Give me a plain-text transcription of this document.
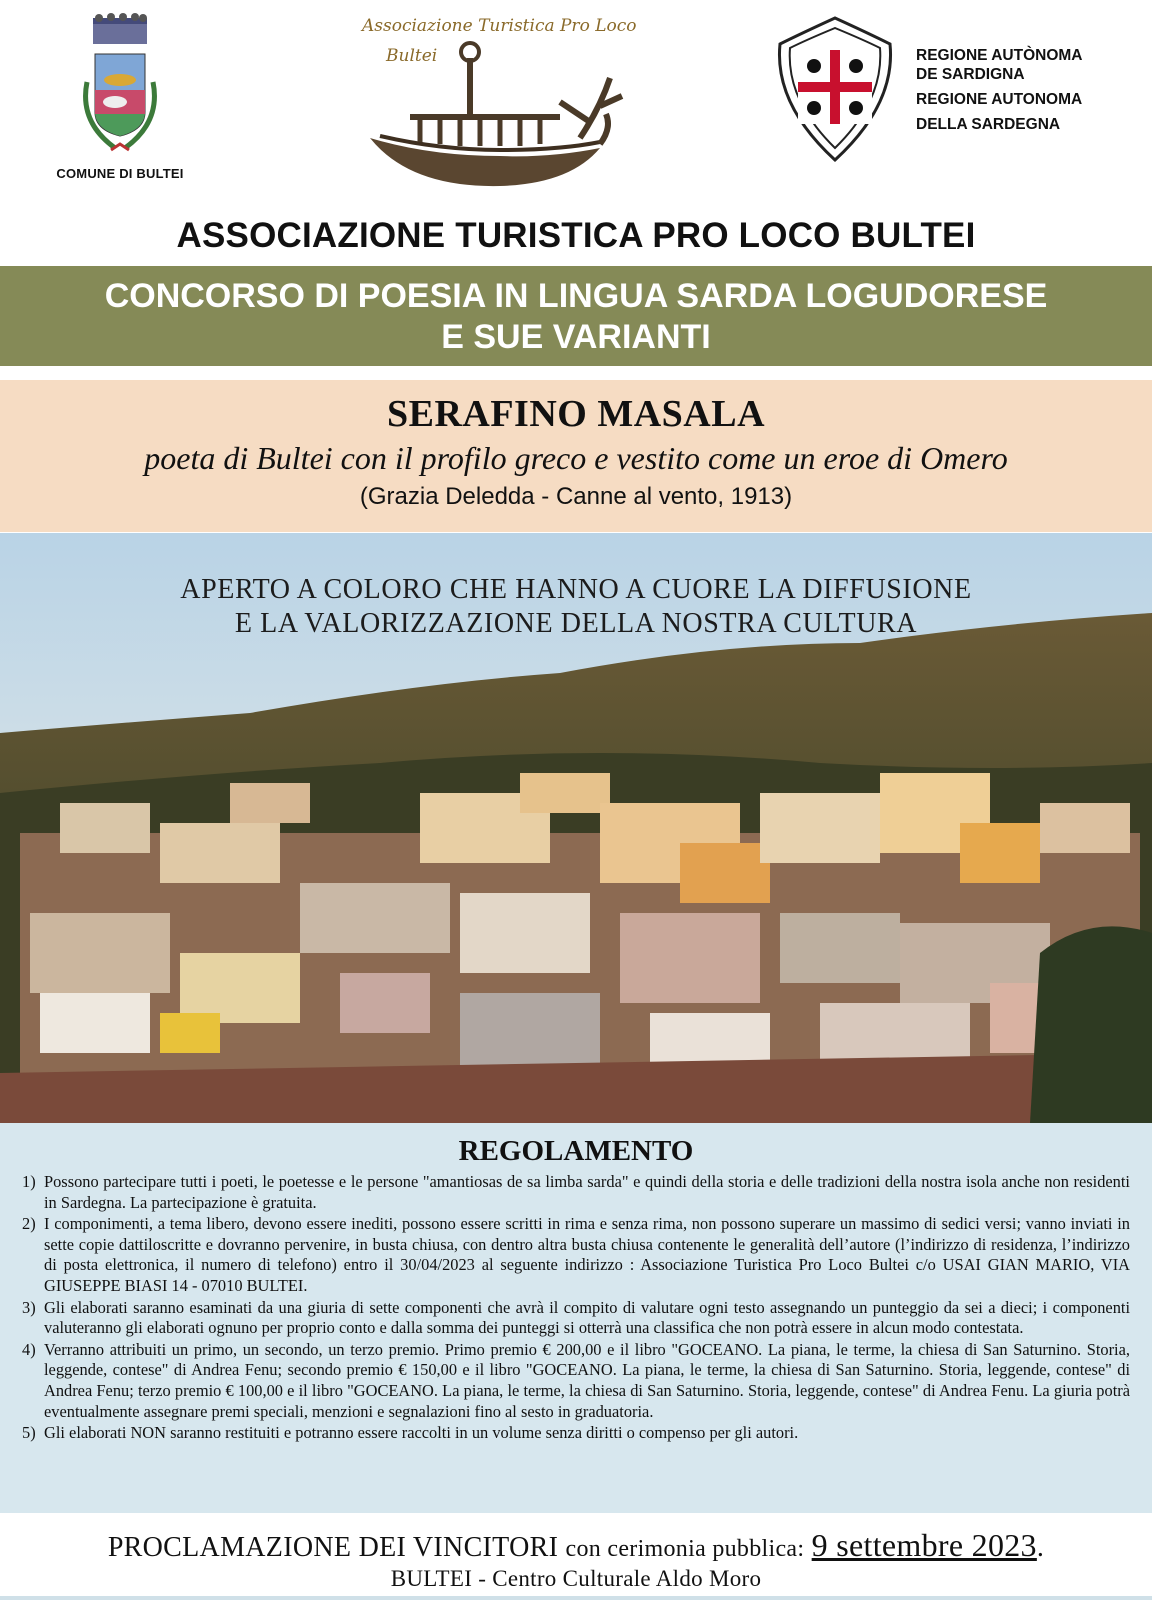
COMUNE DI BULTEI
Associazione Turistica Pro Loco
Bultei	REGIONE AUTÒNOMA
DE SARDIGNA
REGIONE AUTONOMA
DELLA SARDEGNA
ASSOCIAZIONE TURISTICA PRO LOCO BULTEI
CONCORSO DI POESIA IN LINGUA SARDA LOGUDORESE
E SUE VARIANTI
SERAFINO MASALA
poeta di Bultei con il profilo greco e vestito come un eroe di Omero
(Grazia Deledda - Canne al vento, 1913)
APERTO A COLORO CHE HANNO A CUORE LA DIFFUSIONE
E LA VALORIZZAZIONE DELLA NOSTRA CULTURA
REGOLAMENTO
1) Possono partecipare tutti i poeti, le poetesse e le persone "amantiosas de sa limba sarda" e quindi della storia e delle tradizioni della nostra isola anche non residenti in Sardegna. La partecipazione è gratuita.
2) I componimenti, a tema libero, devono essere inediti, possono essere scritti in rima e senza rima, non possono superare un massimo di sedici versi; vanno inviati in sette copie dattiloscritte e dovranno pervenire, in busta chiusa, con dentro altra busta chiusa contenente le generalità dell’autore (l’indirizzo di residenza, l’indirizzo di posta elettronica, il numero di telefono) entro il 30/04/2023 al seguente indirizzo : Associazione Turistica Pro Loco Bultei c/o USAI GIAN MARIO, VIA GIUSEPPE BIASI 14 - 07010 BULTEI.
3) Gli elaborati saranno esaminati da una giuria di sette componenti che avrà il compito di valutare ogni testo assegnando un punteggio da sei a dieci; i componenti valuteranno gli elaborati ognuno per proprio conto e dalla somma dei punteggi si otterrà una classifica che non potrà essere in alcun modo contestata.
4) Verranno attribuiti un primo, un secondo, un terzo premio. Primo premio € 200,00 e il libro "GOCEANO. La piana, le terme, la chiesa di San Saturnino. Storia, leggende, contese" di Andrea Fenu; secondo premio € 150,00 e il libro "GOCEANO. La piana, le terme, la chiesa di San Saturnino. Storia, leggende, contese" di Andrea Fenu; terzo premio € 100,00 e il libro "GOCEANO. La piana, le terme, la chiesa di San Saturnino. Storia, leggende, contese" di Andrea Fenu. La giuria potrà eventualmente assegnare premi speciali, menzioni e segnalazioni fino al sesto in graduatoria.
5) Gli elaborati NON saranno restituiti e potranno essere raccolti in un volume senza diritti o compenso per gli autori.
PROCLAMAZIONE DEI VINCITORI con cerimonia pubblica: 9 settembre 2023.
BULTEI - Centro Culturale Aldo Moro
